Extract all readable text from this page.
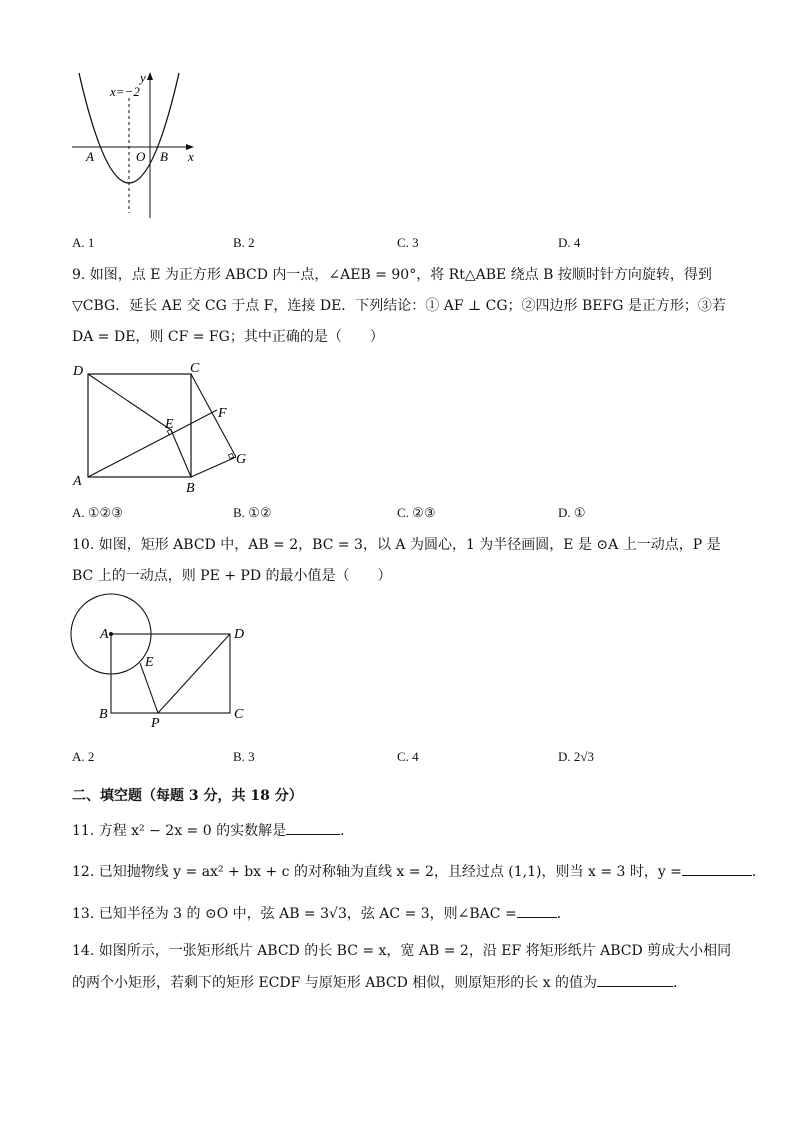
y
x=−2
A	O B x
A. 1	B. 2	C. 3	D. 4
9. 如图，点 E 为正方形 ABCD 内一点，∠AEB = 90°，将 Rt△ABE 绕点 B 按顺时针方向旋转，得到
▽CBG．延长 AE 交 CG 于点 F，连接 DE．下列结论：① AF ⊥ CG；②四边形 BEFG 是正方形；③若
DA = DE，则 CF = FG；其中正确的是（　　）
D	C
E
F
A	B
G
A. ①②③	B. ①②	C. ②③	D. ①
10. 如图，矩形 ABCD 中，AB = 2，BC = 3，以 A 为圆心，1 为半径画圆，E 是 ⊙A 上一动点，P 是
BC 上的一动点，则 PE + PD 的最小值是（　　）
A	D
E
B
P
C
A. 2	B. 3	C. 4	D. 2√3
二、填空题（每题 3 分，共 18 分）
11. 方程 x² − 2x = 0 的实数解是	．
12. 已知抛物线 y = ax² + bx + c 的对称轴为直线 x = 2，且经过点 (1,1)，则当 x = 3 时，y =	．
13. 已知半径为 3 的 ⊙O 中，弦 AB = 3√3，弦 AC = 3，则∠BAC =	．
14. 如图所示，一张矩形纸片 ABCD 的长 BC = x，宽 AB = 2，沿 EF 将矩形纸片 ABCD 剪成大小相同
的两个小矩形，若剩下的矩形 ECDF 与原矩形 ABCD 相似，则原矩形的长 x 的值为	．
